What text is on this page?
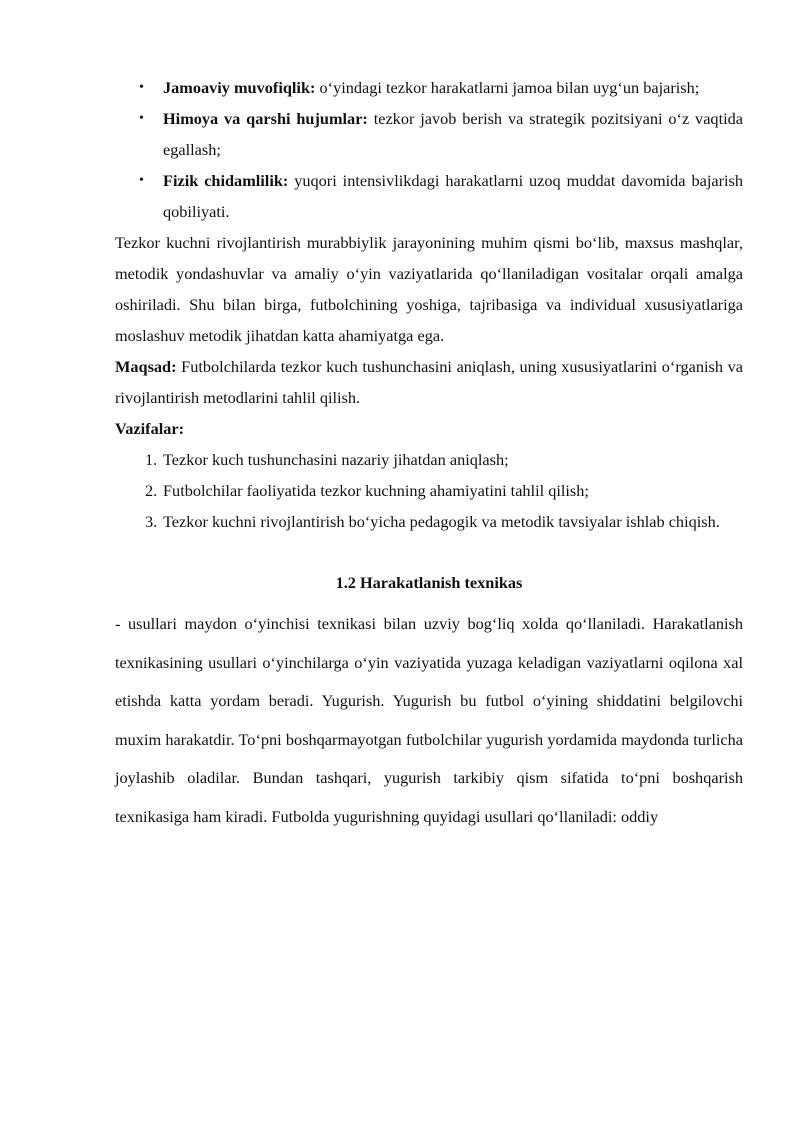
• Jamoaviy muvofiqlik: o‘yindagi tezkor harakatlarni jamoa bilan uyg‘un bajarish;
• Himoya va qarshi hujumlar: tezkor javob berish va strategik pozitsiyani o‘z vaqtida egallash;
• Fizik chidamlilik: yuqori intensivlikdagi harakatlarni uzoq muddat davomida bajarish qobiliyati.

Tezkor kuchni rivojlantirish murabbiylik jarayonining muhim qismi bo‘lib, maxsus mashqlar, metodik yondashuvlar va amaliy o‘yin vaziyatlarida qo‘llaniladigan vositalar orqali amalga oshiriladi. Shu bilan birga, futbolchining yoshiga, tajribasiga va individual xususiyatlariga moslashuv metodik jihatdan katta ahamiyatga ega.

Maqsad: Futbolchilarda tezkor kuch tushunchasini aniqlash, uning xususiyatlarini o‘rganish va rivojlantirish metodlarini tahlil qilish.

Vazifalar:

1. Tezkor kuch tushunchasini nazariy jihatdan aniqlash;
2. Futbolchilar faoliyatida tezkor kuchning ahamiyatini tahlil qilish;
3. Tezkor kuchni rivojlantirish bo‘yicha pedagogik va metodik tavsiyalar ishlab chiqish.

1.2 Harakatlanish texnikas

- usullari maydon o‘yinchisi texnikasi bilan uzviy bog‘liq xolda qo‘llaniladi. Harakatlanish texnikasining usullari o‘yinchilarga o‘yin vaziyatida yuzaga keladigan vaziyatlarni oqilona xal etishda katta yordam beradi. Yugurish. Yugurish bu futbol o‘yining shiddatini belgilovchi muxim harakatdir. To‘pni boshqarmayotgan futbolchilar yugurish yordamida maydonda turlicha joylashib oladilar. Bundan tashqari, yugurish tarkibiy qism sifatida to‘pni boshqarish texnikasiga ham kiradi. Futbolda yugurishning quyidagi usullari qo‘llaniladi: oddiy
